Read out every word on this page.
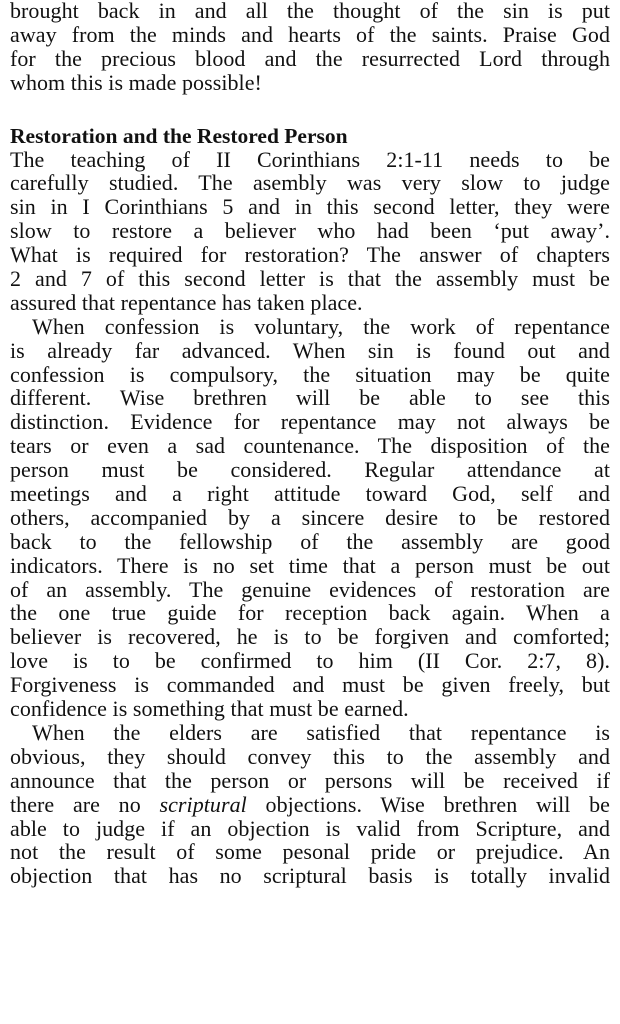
brought back in and all the thought of the sin is put
away from the minds and hearts of the saints. Praise God
for the precious blood and the resurrected Lord through
whom this is made possible!
Restoration and the Restored Person
The teaching of II Corinthians 2:1-11 needs to be
carefully studied. The asembly was very slow to judge
sin in I Corinthians 5 and in this second letter, they were
slow to restore a believer who had been ‘put away’.
What is required for restoration? The answer of chapters
2 and 7 of this second letter is that the assembly must be
assured that repentance has taken place.
When confession is voluntary, the work of repentance
is already far advanced. When sin is found out and
confession is compulsory, the situation may be quite
different. Wise brethren will be able to see this
distinction. Evidence for repentance may not always be
tears or even a sad countenance. The disposition of the
person must be considered. Regular attendance at
meetings and a right attitude toward God, self and
others, accompanied by a sincere desire to be restored
back to the fellowship of the assembly are good
indicators. There is no set time that a person must be out
of an assembly. The genuine evidences of restoration are
the one true guide for reception back again. When a
believer is recovered, he is to be forgiven and comforted;
love is to be confirmed to him (II Cor. 2:7, 8).
Forgiveness is commanded and must be given freely, but
confidence is something that must be earned.
When the elders are satisfied that repentance is
obvious, they should convey this to the assembly and
announce that the person or persons will be received if
there are no scriptural objections. Wise brethren will be
able to judge if an objection is valid from Scripture, and
not the result of some pesonal pride or prejudice. An
objection that has no scriptural basis is totally invalid
